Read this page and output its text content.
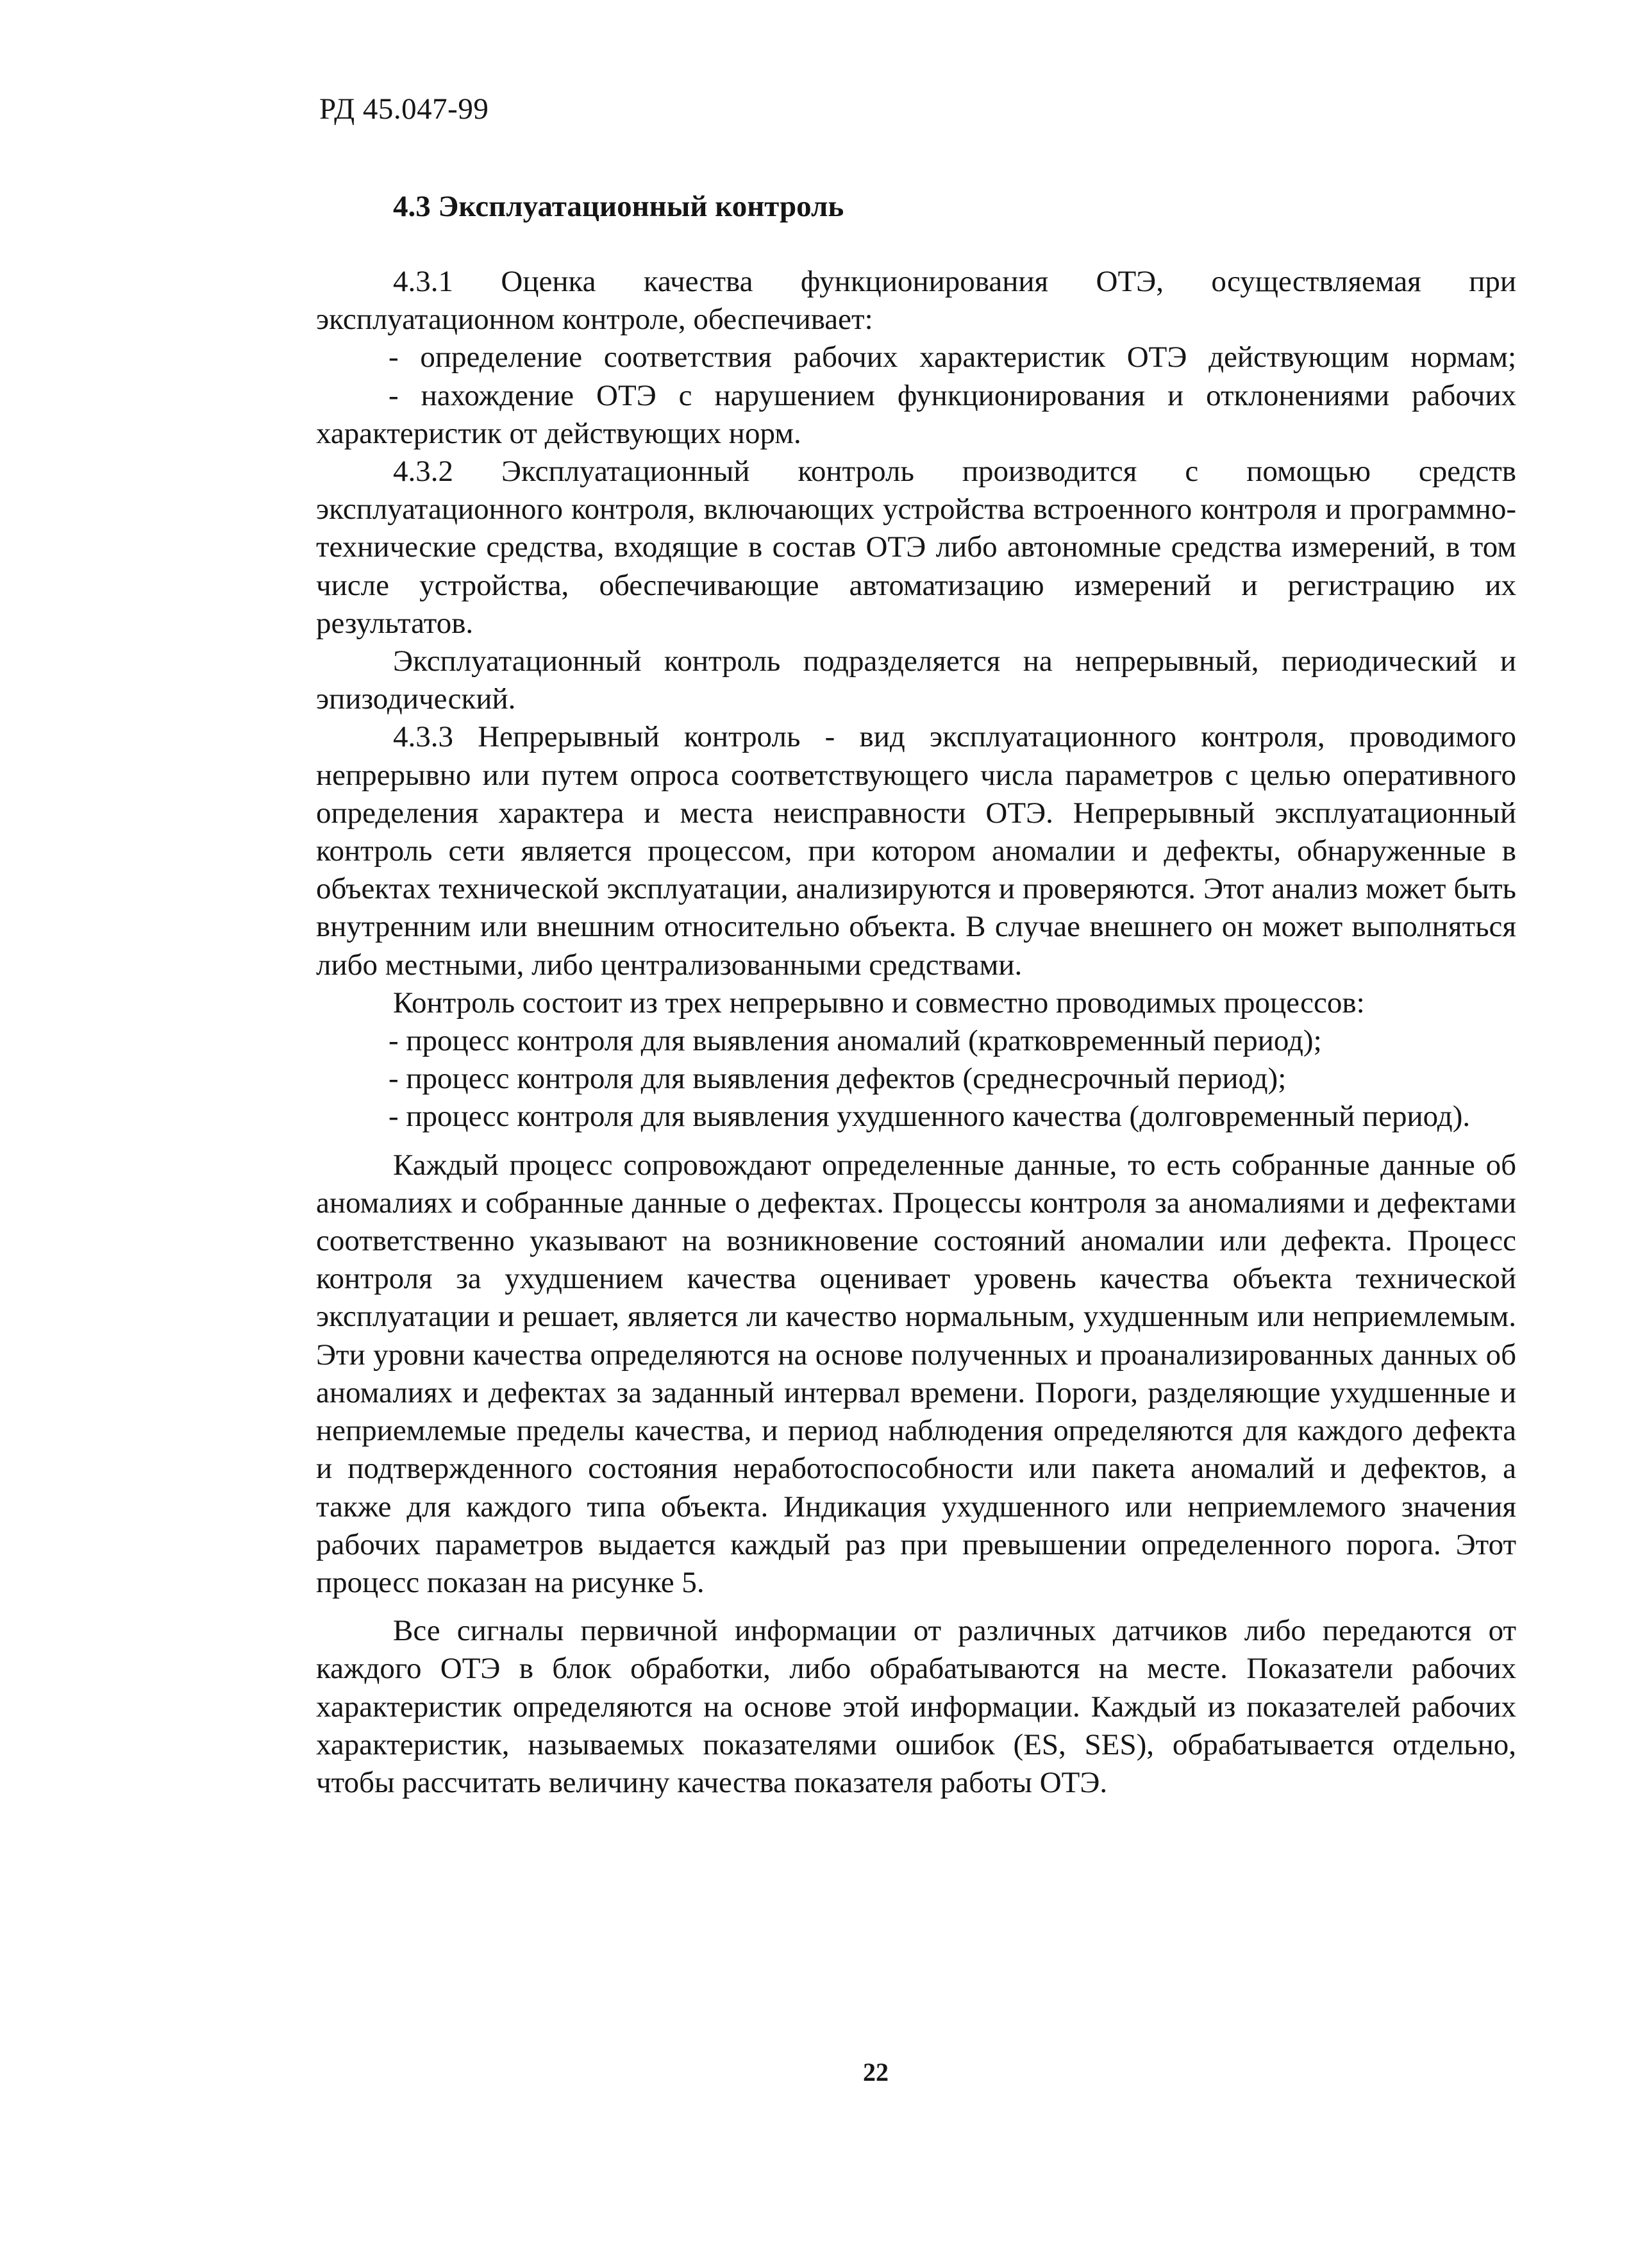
РД 45.047-99
4.3 Эксплуатационный контроль

4.3.1 Оценка качества функционирования ОТЭ, осуществляемая при эксплуатационном контроле, обеспечивает:

- определение соответствия рабочих характеристик ОТЭ действующим нормам;

- нахождение ОТЭ с нарушением функционирования и отклонениями рабочих характеристик от действующих норм.

4.3.2 Эксплуатационный контроль производится с помощью средств эксплуатационного контроля, включающих устройства встроенного контроля и программно-технические средства, входящие в состав ОТЭ либо автономные средства измерений, в том числе устройства, обеспечивающие автоматизацию измерений и регистрацию их результатов.

Эксплуатационный контроль подразделяется на непрерывный, периодический и эпизодический.

4.3.3 Непрерывный контроль - вид эксплуатационного контроля, проводимого непрерывно или путем опроса соответствующего числа параметров с целью оперативного определения характера и места неисправности ОТЭ. Непрерывный эксплуатационный контроль сети является процессом, при котором аномалии и дефекты, обнаруженные в объектах технической эксплуатации, анализируются и проверяются. Этот анализ может быть внутренним или внешним относительно объекта. В случае внешнего он может выполняться либо местными, либо централизованными средствами.

Контроль состоит из трех непрерывно и совместно проводимых процессов:

- процесс контроля для выявления аномалий (кратковременный период);

- процесс контроля для выявления дефектов (среднесрочный период);

- процесс контроля для выявления ухудшенного качества (долговременный период).

Каждый процесс сопровождают определенные данные, то есть собранные данные об аномалиях и собранные данные о дефектах. Процессы контроля за аномалиями и дефектами соответственно указывают на возникновение состояний аномалии или дефекта. Процесс контроля за ухудшением качества оценивает уровень качества объекта технической эксплуатации и решает, является ли качество нормальным, ухудшенным или неприемлемым. Эти уровни качества определяются на основе полученных и проанализированных данных об аномалиях и дефектах за заданный интервал времени. Пороги, разделяющие ухудшенные и неприемлемые пределы качества, и период наблюдения определяются для каждого дефекта и подтвержденного состояния неработоспособности или пакета аномалий и дефектов, а также для каждого типа объекта. Индикация ухудшенного или неприемлемого значения рабочих параметров выдается каждый раз при превышении определенного порога. Этот процесс показан на рисунке 5.

Все сигналы первичной информации от различных датчиков либо передаются от каждого ОТЭ в блок обработки, либо обрабатываются на месте. Показатели рабочих характеристик определяются на основе этой информации. Каждый из показателей рабочих характеристик, называемых показателями ошибок (ES, SES), обрабатывается отдельно, чтобы рассчитать величину качества показателя работы ОТЭ.

22
